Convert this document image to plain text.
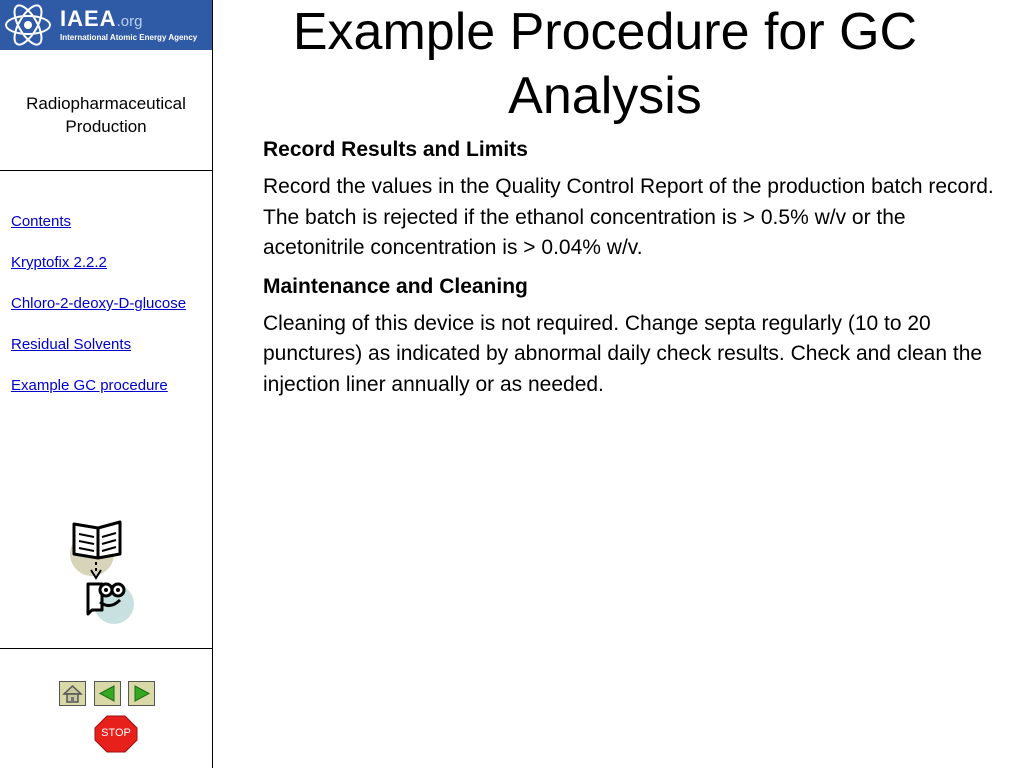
IAEA.org
International Atomic Energy Agency
Radiopharmaceutical Production
Contents
Kryptofix 2.2.2
Chloro-2-deoxy-D-glucose
Residual Solvents
Example GC procedure
STOP
Example Procedure for GC Analysis
Record Results and Limits

Record the values in the Quality Control Report of the production batch record. The batch is rejected if the ethanol concentration is > 0.5% w/v or the acetonitrile concentration is > 0.04% w/v.

Maintenance and Cleaning

Cleaning of this device is not required. Change septa regularly (10 to 20 punctures) as indicated by abnormal daily check results. Check and clean the injection liner annually or as needed.
